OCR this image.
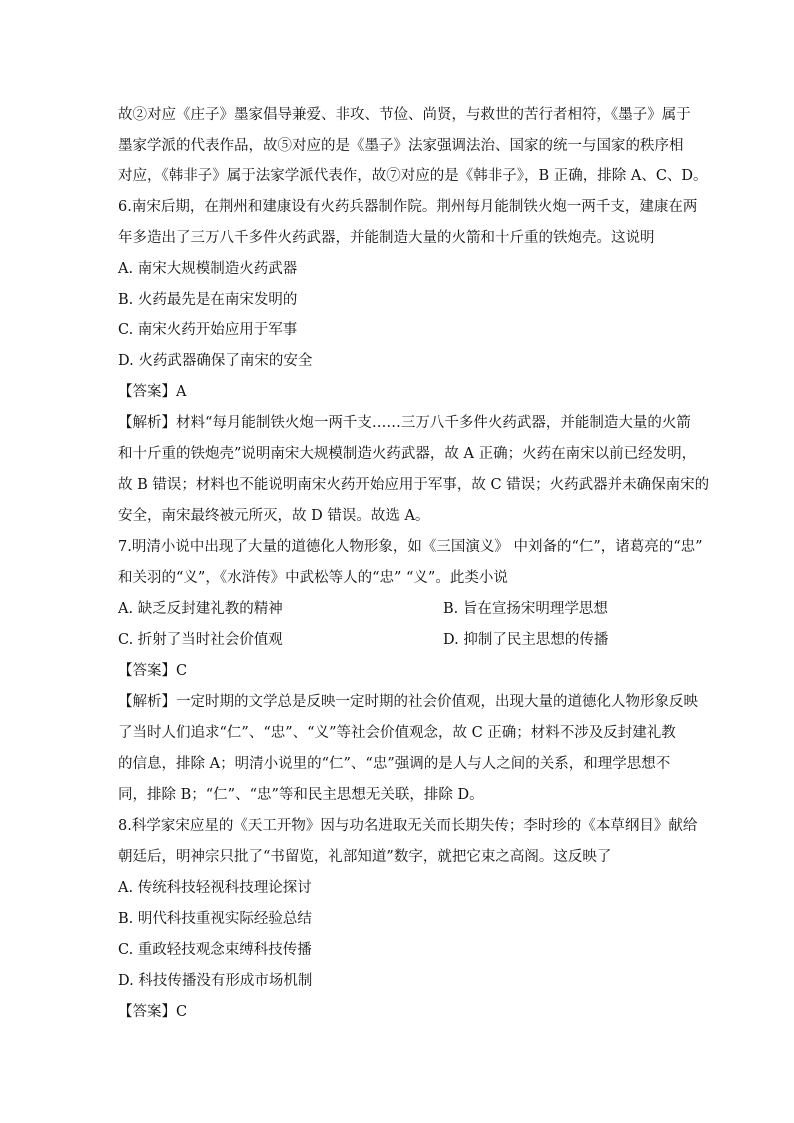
故②对应《庄子》墨家倡导兼爱、非攻、节俭、尚贤，与救世的苦行者相符，《墨子》属于
墨家学派的代表作品，故⑤对应的是《墨子》法家强调法治、国家的统一与国家的秩序相
对应，《韩非子》属于法家学派代表作，故⑦对应的是《韩非子》，B 正确，排除 A、C、D。
6.南宋后期，在荆州和建康设有火药兵器制作院。荆州每月能制铁火炮一两千支，建康在两
年多造出了三万八千多件火药武器，并能制造大量的火箭和十斤重的铁炮壳。这说明
A. 南宋大规模制造火药武器
B. 火药最先是在南宋发明的
C. 南宋火药开始应用于军事
D. 火药武器确保了南宋的安全
【答案】A
【解析】材料“每月能制铁火炮一两千支……三万八千多件火药武器，并能制造大量的火箭
和十斤重的铁炮壳”说明南宋大规模制造火药武器，故 A 正确；火药在南宋以前已经发明，
故 B 错误；材料也不能说明南宋火药开始应用于军事，故 C 错误；火药武器并未确保南宋的
安全，南宋最终被元所灭，故 D 错误。故选 A。
7.明清小说中出现了大量的道德化人物形象，如《三国演义》 中刘备的“仁”，诸葛亮的“忠”
和关羽的“义”，《水浒传》中武松等人的“忠” “义”。此类小说
A. 缺乏反封建礼教的精神	B. 旨在宣扬宋明理学思想
C. 折射了当时社会价值观	D. 抑制了民主思想的传播
【答案】C
【解析】一定时期的文学总是反映一定时期的社会价值观，出现大量的道德化人物形象反映
了当时人们追求“仁”、“忠”、“义”等社会价值观念，故 C 正确；材料不涉及反封建礼教
的信息，排除 A；明清小说里的“仁”、“忠”强调的是人与人之间的关系，和理学思想不
同，排除 B；“仁”、“忠”等和民主思想无关联，排除 D。
8.科学家宋应星的《天工开物》因与功名进取无关而长期失传；李时珍的《本草纲目》献给
朝廷后，明神宗只批了“书留览，礼部知道”数字，就把它束之高阁。这反映了
A. 传统科技轻视科技理论探讨
B. 明代科技重视实际经验总结
C. 重政轻技观念束缚科技传播
D. 科技传播没有形成市场机制
【答案】C
